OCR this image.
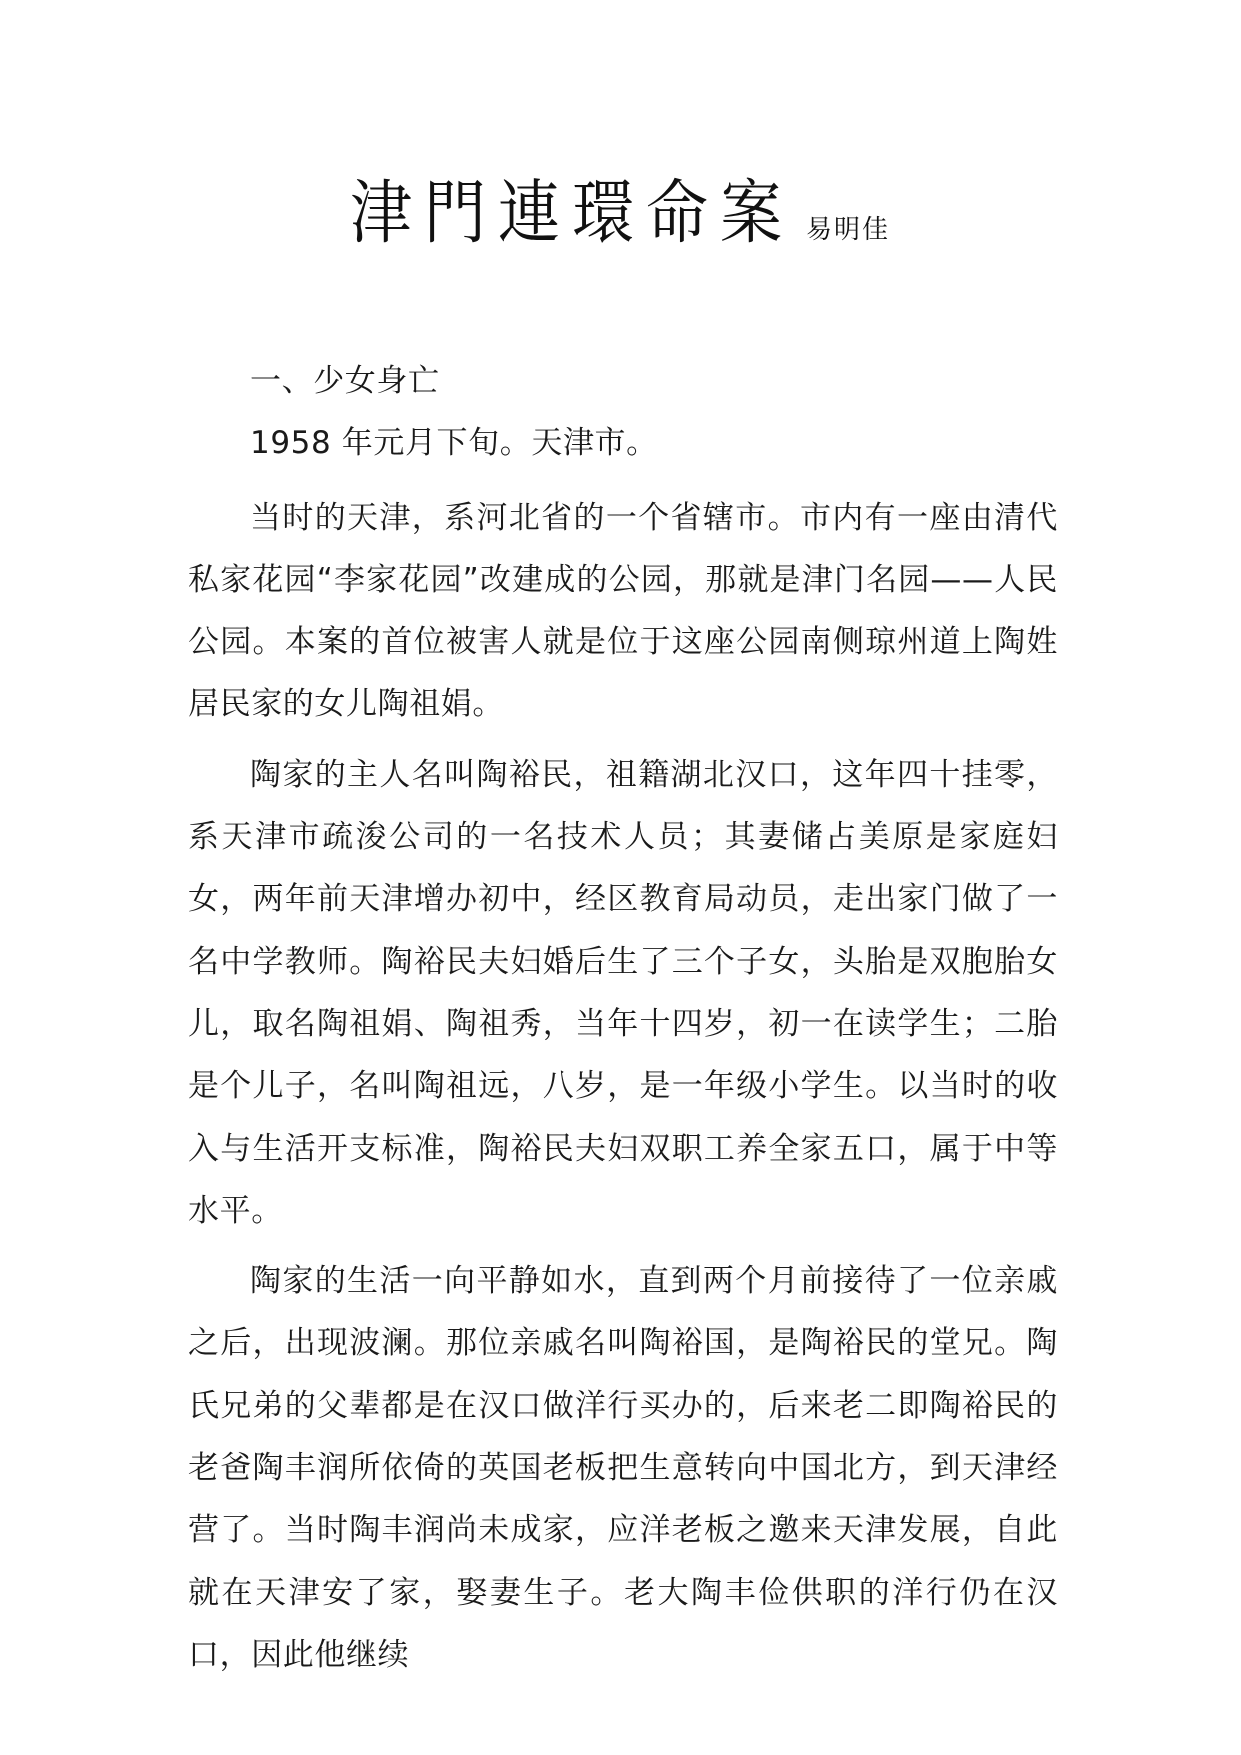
津門連環命案 易明佳

一、少女身亡

1958 年元月下旬。天津市。

当时的天津，系河北省的一个省辖市。市内有一座由清代私家花园“李家花园”改建成的公园，那就是津门名园——人民公园。本案的首位被害人就是位于这座公园南侧琼州道上陶姓居民家的女儿陶祖娟。

陶家的主人名叫陶裕民，祖籍湖北汉口，这年四十挂零，系天津市疏浚公司的一名技术人员；其妻储占美原是家庭妇女，两年前天津增办初中，经区教育局动员，走出家门做了一名中学教师。陶裕民夫妇婚后生了三个子女，头胎是双胞胎女儿，取名陶祖娟、陶祖秀，当年十四岁，初一在读学生；二胎是个儿子，名叫陶祖远，八岁，是一年级小学生。以当时的收入与生活开支标准，陶裕民夫妇双职工养全家五口，属于中等水平。

陶家的生活一向平静如水，直到两个月前接待了一位亲戚之后，出现波澜。那位亲戚名叫陶裕国，是陶裕民的堂兄。陶氏兄弟的父辈都是在汉口做洋行买办的，后来老二即陶裕民的老爸陶丰润所依倚的英国老板把生意转向中国北方，到天津经营了。当时陶丰润尚未成家，应洋老板之邀来天津发展，自此就在天津安了家，娶妻生子。老大陶丰俭供职的洋行仍在汉口，因此他继续
